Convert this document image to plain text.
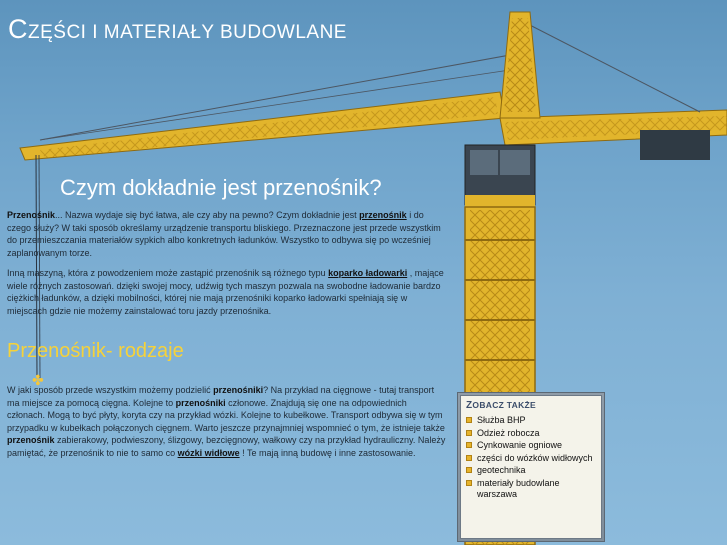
CZĘŚCI I MATERIAŁY BUDOWLANE
Czym dokładnie jest przenośnik?
Przenośnik... Nazwa wydaje się być łatwa, ale czy aby na pewno? Czym dokładnie jest przenośnik i do czego służy? W taki sposób określamy urządzenie transportu bliskiego. Przeznaczone jest przede wszystkim do przemieszczania materiałów sypkich albo konkretnych ładunków. Wszystko to odbywa się po wcześniej zaplanowanym torze.
Inną maszyną, która z powodzeniem może zastąpić przenośnik są różnego typu koparko ładowarki , mające wiele różnych zastosowań. dzięki swojej mocy, udźwig tych maszyn pozwala na swobodne ładowanie bardzo ciężkich ładunków, a dzięki mobilności, której nie mają przenośniki koparko ładowarki spełniają się w miejscach gdzie nie możemy zainstalować toru jazdy przenośnika.
Przenośnik- rodzaje
✤
W jaki sposób przede wszystkim możemy podzielić przenośniki? Na przykład na cięgnowe - tutaj transport ma miejsce za pomocą cięgna. Kolejne to przenośniki członowe. Znajdują się one na odpowiednich członach. Mogą to być płyty, koryta czy na przykład wózki. Kolejne to kubełkowe. Transport odbywa się w tym przypadku w kubełkach połączonych cięgnem. Warto jeszcze przynajmniej wspomnieć o tym, że istnieje także przenośnik zabierakowy, podwieszony, ślizgowy, bezcięgnowy, wałkowy czy na przykład hydrauliczny. Należy pamiętać, że przenośnik to nie to samo co wózki widłowe ! Te mają inną budowę i inne zastosowanie.
ZOBACZ TAKŻE
Służba BHP
Odzież robocza
Cynkowanie ogniowe
części do wózków widłowych
geotechnika
materiały budowlane warszawa
